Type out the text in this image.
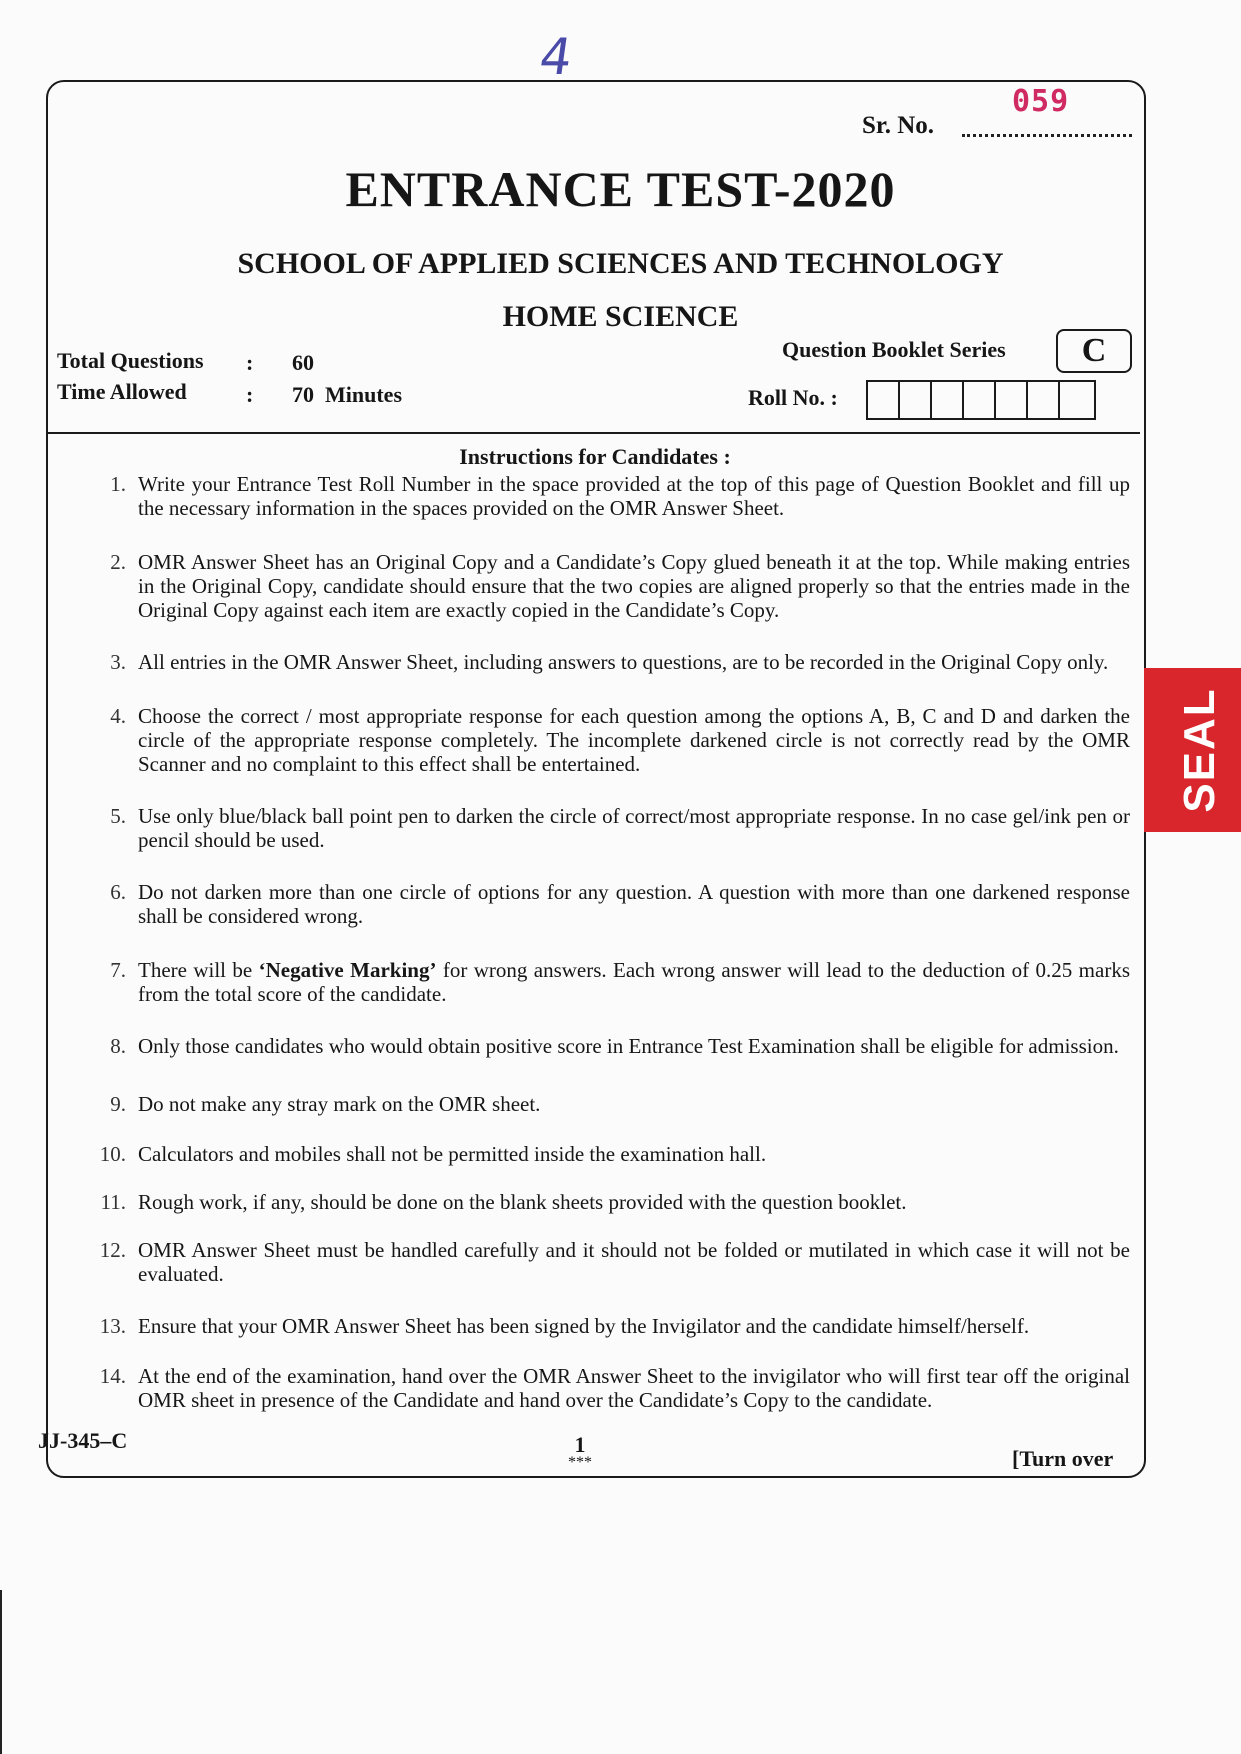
4
059
Sr. No.
ENTRANCE TEST-2020
SCHOOL OF APPLIED SCIENCES AND TECHNOLOGY
HOME SCIENCE
Total Questions : 60
Time Allowed	: 70  Minutes
Question Booklet Series	C
Roll No. :
Instructions for Candidates :
1. Write your Entrance Test Roll Number in the space provided at the top of this page of Question Booklet and fill up the necessary information in the spaces provided on the OMR Answer Sheet.
2. OMR Answer Sheet has an Original Copy and a Candidate’s Copy glued beneath it at the top. While making entries in the Original Copy, candidate should ensure that the two copies are aligned properly so that the entries made in the Original Copy against each item are exactly copied in the Candidate’s Copy.
3. All entries in the OMR Answer Sheet, including answers to questions, are to be recorded in the Original Copy only.
4. Choose the correct / most appropriate response for each question among the options A, B, C and D and darken the circle of the appropriate response completely. The incomplete darkened circle is not correctly read by the OMR Scanner and no complaint to this effect shall be entertained.
5. Use only blue/black ball point pen to darken the circle of correct/most appropriate response. In no case gel/ink pen or pencil should be used.
6. Do not darken more than one circle of options for any question. A question with more than one darkened response shall be considered wrong.
7. There will be ‘Negative Marking’ for wrong answers. Each wrong answer will lead to the deduction of 0.25 marks from the total score of the candidate.
8. Only those candidates who would obtain positive score in Entrance Test Examination shall be eligible for admission.
9. Do not make any stray mark on the OMR sheet.
10. Calculators and mobiles shall not be permitted inside the examination hall.
11. Rough work, if any, should be done on the blank sheets provided with the question booklet.
12. OMR Answer Sheet must be handled carefully and it should not be folded or mutilated in which case it will not be evaluated.
13. Ensure that your OMR Answer Sheet has been signed by the Invigilator and the candidate himself/herself.
14. At the end of the examination, hand over the OMR Answer Sheet to the invigilator who will first tear off the original OMR sheet in presence of the Candidate and hand over the Candidate’s Copy to the candidate.
SEAL
JJ-345–C	1
***	[Turn over
